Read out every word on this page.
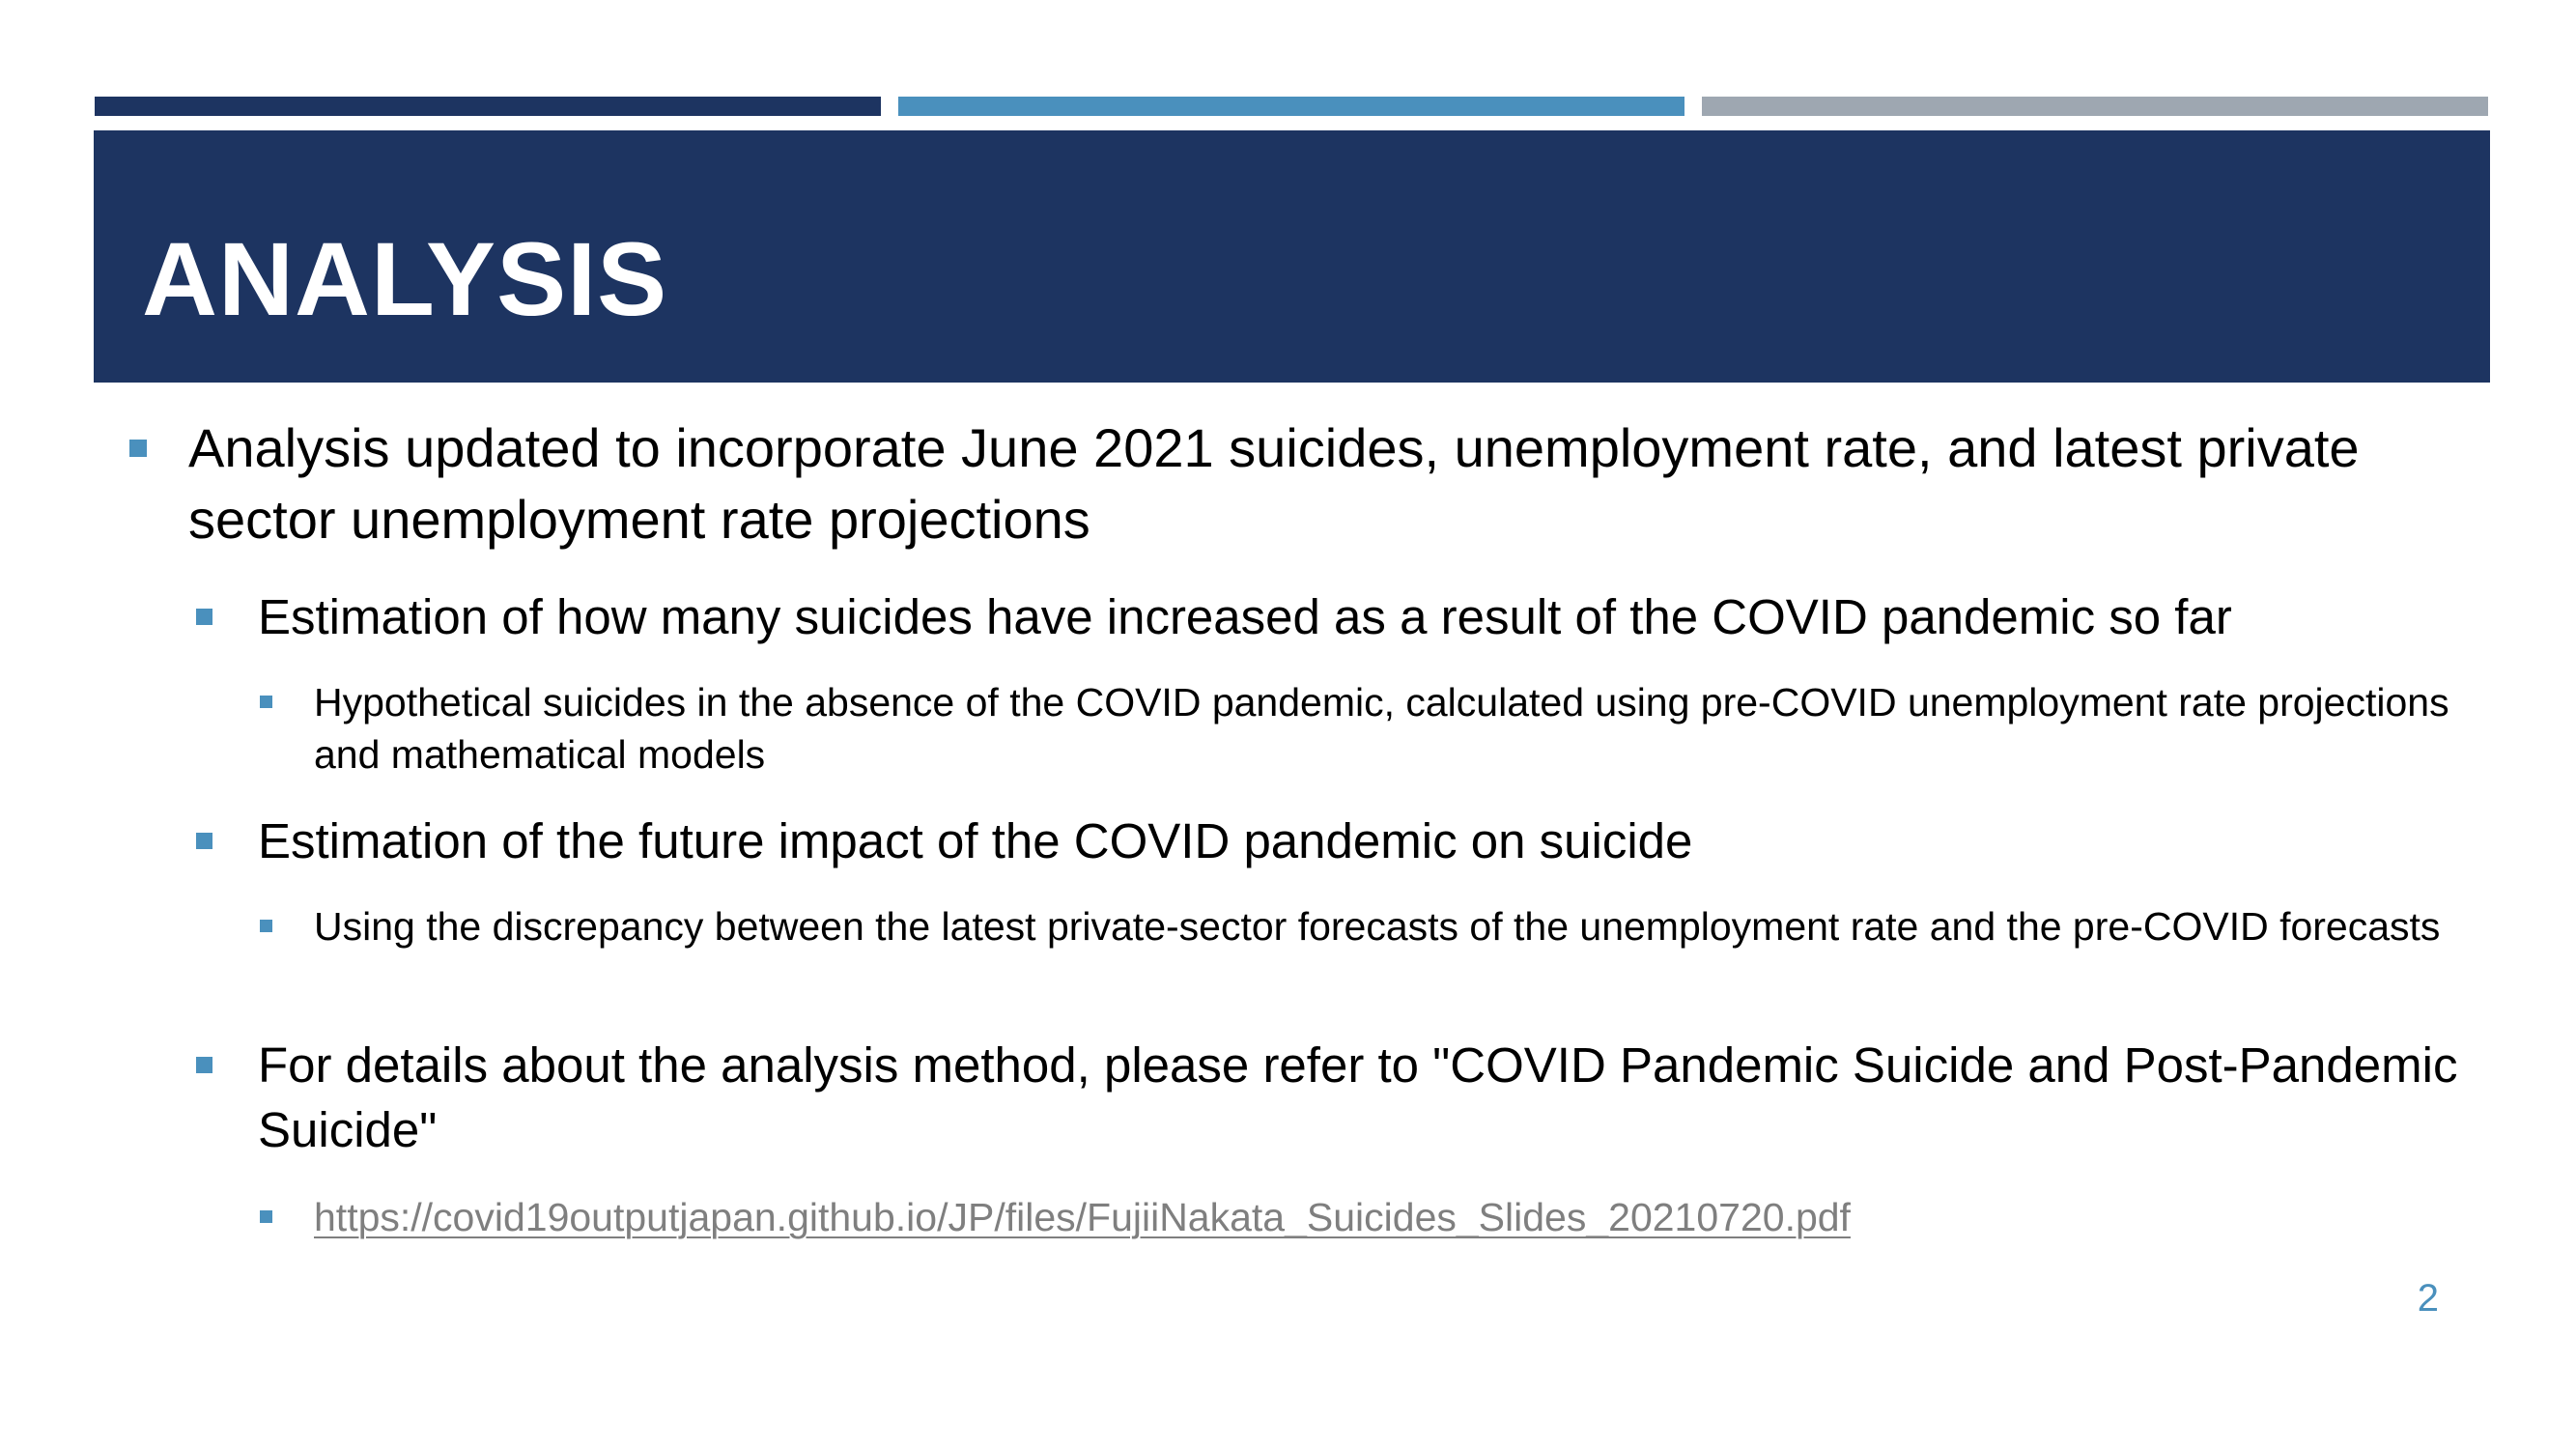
ANALYSIS
Analysis updated to incorporate June 2021 suicides, unemployment rate, and latest private sector unemployment rate projections
Estimation of how many suicides have increased as a result of the COVID pandemic so far
Hypothetical suicides in the absence of the COVID pandemic, calculated using pre-COVID unemployment rate projections and mathematical models
Estimation of the future impact of the COVID pandemic on suicide
Using the discrepancy between the latest private-sector forecasts of the unemployment rate and the pre-COVID forecasts
For details about the analysis method, please refer to "COVID Pandemic Suicide and Post-Pandemic Suicide"
https://covid19outputjapan.github.io/JP/files/FujiiNakata_Suicides_Slides_20210720.pdf

2
